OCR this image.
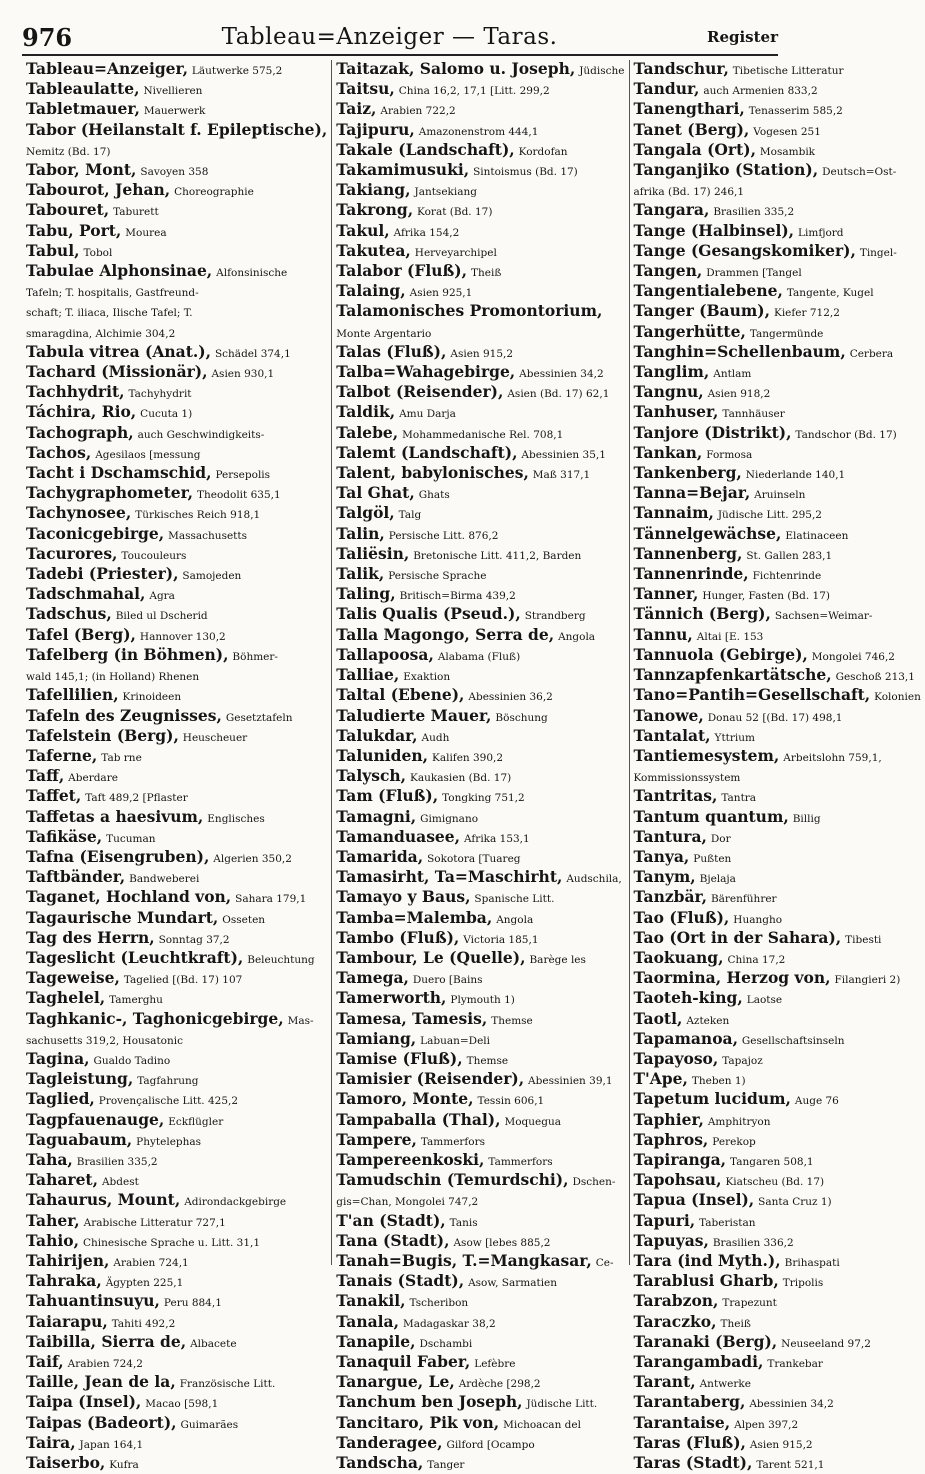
976	Tableau=Anzeiger — Taras.	Register
Tableau=Anzeiger, Läutwerke 575,2
Tableaulatte, Nivellieren
Tabletmauer, Mauerwerk
Tabor (Heilanstalt f. Epileptische),
Nemitz (Bd. 17)
Tabor, Mont, Savoyen 358
Tabourot, Jehan, Choreographie
Tabouret, Taburett
Tabu, Port, Mourea
Tabul, Tobol
Tabulae Alphonsinae, Alfonsinische
Tafeln; T. hospitalis, Gastfreund-
schaft; T. iliaca, Ilische Tafel; T.
smaragdina, Alchimie 304,2
Tabula vitrea (Anat.), Schädel 374,1
Tachard (Missionär), Asien 930,1
Tachhydrit, Tachyhydrit
Táchira, Rio, Cucuta 1)
Tachograph, auch Geschwindigkeits-
Tachos, Agesilaos [messung
Tacht i Dschamschid, Persepolis
Tachygraphometer, Theodolit 635,1
Tachynosee, Türkisches Reich 918,1
Taconicgebirge, Massachusetts
Tacurores, Toucouleurs
Tadebi (Priester), Samojeden
Tadschmahal, Agra
Tadschus, Biled ul Dscherid
Tafel (Berg), Hannover 130,2
Tafelberg (in Böhmen), Böhmer-
wald 145,1; (in Holland) Rhenen
Tafellilien, Krinoideen
Tafeln des Zeugnisses, Gesetztafeln
Tafelstein (Berg), Heuscheuer
Taferne, Tab rne
Taff, Aberdare
Taffet, Taft 489,2 [Pflaster
Taffetas a haesivum, Englisches
Tafikäse, Tucuman
Tafna (Eisengruben), Algerien 350,2
Taftbänder, Bandweberei
Taganet, Hochland von, Sahara 179,1
Tagaurische Mundart, Osseten
Tag des Herrn, Sonntag 37,2
Tageslicht (Leuchtkraft), Beleuchtung
Tageweise, Tagelied [(Bd. 17) 107
Taghelel, Tamerghu
Taghkanic-, Taghonicgebirge, Mas-
sachusetts 319,2, Housatonic
Tagina, Gualdo Tadino
Tagleistung, Tagfahrung
Taglied, Provençalische Litt. 425,2
Tagpfauenauge, Eckflügler
Taguabaum, Phytelephas
Taha, Brasilien 335,2
Taharet, Abdest
Tahaurus, Mount, Adirondackgebirge
Taher, Arabische Litteratur 727,1
Tahio, Chinesische Sprache u. Litt. 31,1
Tahirijen, Arabien 724,1
Tahraka, Ägypten 225,1
Tahuantinsuyu, Peru 884,1
Taiarapu, Tahiti 492,2
Taibilla, Sierra de, Albacete
Taif, Arabien 724,2
Taille, Jean de la, Französische Litt.
Taipa (Insel), Macao [598,1
Taipas (Badeort), Guimarães
Taira, Japan 164,1
Taiserbo, Kufra
Taitazak, Salomo u. Joseph, Jüdische
Taitsu, China 16,2, 17,1 [Litt. 299,2
Taiz, Arabien 722,2
Tajipuru, Amazonenstrom 444,1
Takale (Landschaft), Kordofan
Takamimusuki, Sintoismus (Bd. 17)
Takiang, Jantsekiang
Takrong, Korat (Bd. 17)
Takul, Afrika 154,2
Takutea, Herveyarchipel
Talabor (Fluß), Theiß
Talaing, Asien 925,1
Talamonisches Promontorium,
Monte Argentario
Talas (Fluß), Asien 915,2
Talba=Wahagebirge, Abessinien 34,2
Talbot (Reisender), Asien (Bd. 17) 62,1
Taldik, Amu Darja
Talebe, Mohammedanische Rel. 708,1
Talemt (Landschaft), Abessinien 35,1
Talent, babylonisches, Maß 317,1
Tal Ghat, Ghats
Talgöl, Talg
Talin, Persische Litt. 876,2
Taliësin, Bretonische Litt. 411,2, Barden
Talik, Persische Sprache
Taling, Britisch=Birma 439,2
Talis Qualis (Pseud.), Strandberg
Talla Magongo, Serra de, Angola
Tallapoosa, Alabama (Fluß)
Talliae, Exaktion
Taltal (Ebene), Abessinien 36,2
Taludierte Mauer, Böschung
Talukdar, Audh
Taluniden, Kalifen 390,2
Talysch, Kaukasien (Bd. 17)
Tam (Fluß), Tongking 751,2
Tamagni, Gimignano
Tamanduasee, Afrika 153,1
Tamarida, Sokotora [Tuareg
Tamasirht, Ta=Maschirht, Audschila,
Tamayo y Baus, Spanische Litt.
Tamba=Malemba, Angola
Tambo (Fluß), Victoria 185,1
Tambour, Le (Quelle), Barège les
Tamega, Duero [Bains
Tamerworth, Plymouth 1)
Tamesa, Tamesis, Themse
Tamiang, Labuan=Deli
Tamise (Fluß), Themse
Tamisier (Reisender), Abessinien 39,1
Tamoro, Monte, Tessin 606,1
Tampaballa (Thal), Moquegua
Tampere, Tammerfors
Tampereenkoski, Tammerfors
Tamudschin (Temurdschi), Dschen-
gis=Chan, Mongolei 747,2
T'an (Stadt), Tanis
Tana (Stadt), Asow [lebes 885,2
Tanah=Bugis, T.=Mangkasar, Ce-
Tanais (Stadt), Asow, Sarmatien
Tanakil, Tscheribon
Tanala, Madagaskar 38,2
Tanapile, Dschambi
Tanaquil Faber, Lefèbre
Tanargue, Le, Ardèche [298,2
Tanchum ben Joseph, Jüdische Litt.
Tancitaro, Pik von, Michoacan del
Tanderagee, Gilford [Ocampo
Tandscha, Tanger
Tandschur, Tibetische Litteratur
Tandur, auch Armenien 833,2
Tanengthari, Tenasserim 585,2
Tanet (Berg), Vogesen 251
Tangala (Ort), Mosambik
Tanganjiko (Station), Deutsch=Ost-
afrika (Bd. 17) 246,1
Tangara, Brasilien 335,2
Tange (Halbinsel), Limfjord
Tange (Gesangskomiker), Tingel-
Tangen, Drammen [Tangel
Tangentialebene, Tangente, Kugel
Tanger (Baum), Kiefer 712,2
Tangerhütte, Tangermünde
Tanghin=Schellenbaum, Cerbera
Tanglim, Antlam
Tangnu, Asien 918,2
Tanhuser, Tannhäuser
Tanjore (Distrikt), Tandschor (Bd. 17)
Tankan, Formosa
Tankenberg, Niederlande 140,1
Tanna=Bejar, Aruinseln
Tannaim, Jüdische Litt. 295,2
Tännelgewächse, Elatinaceen
Tannenberg, St. Gallen 283,1
Tannenrinde, Fichtenrinde
Tanner, Hunger, Fasten (Bd. 17)
Tännich (Berg), Sachsen=Weimar-
Tannu, Altai [E. 153
Tannuola (Gebirge), Mongolei 746,2
Tannzapfenkartätsche, Geschoß 213,1
Tano=Pantih=Gesellschaft, Kolonien
Tanowe, Donau 52 [(Bd. 17) 498,1
Tantalat, Yttrium
Tantiemesystem, Arbeitslohn 759,1,
Kommissionssystem
Tantritas, Tantra
Tantum quantum, Billig
Tantura, Dor
Tanya, Pußten
Tanym, Bjelaja
Tanzbär, Bärenführer
Tao (Fluß), Huangho
Tao (Ort in der Sahara), Tibesti
Taokuang, China 17,2
Taormina, Herzog von, Filangieri 2)
Taoteh-king, Laotse
Taotl, Azteken
Tapamanoa, Gesellschaftsinseln
Tapayoso, Tapajoz
T'Ape, Theben 1)
Tapetum lucidum, Auge 76
Taphier, Amphitryon
Taphros, Perekop
Tapiranga, Tangaren 508,1
Tapohsau, Kiatscheu (Bd. 17)
Tapua (Insel), Santa Cruz 1)
Tapuri, Taberistan
Tapuyas, Brasilien 336,2
Tara (ind Myth.), Brihaspati
Tarablusi Gharb, Tripolis
Tarabzon, Trapezunt
Taraczko, Theiß
Taranaki (Berg), Neuseeland 97,2
Tarangambadi, Trankebar
Tarant, Antwerke
Tarantaberg, Abessinien 34,2
Tarantaise, Alpen 397,2
Taras (Fluß), Asien 915,2
Taras (Stadt), Tarent 521,1
